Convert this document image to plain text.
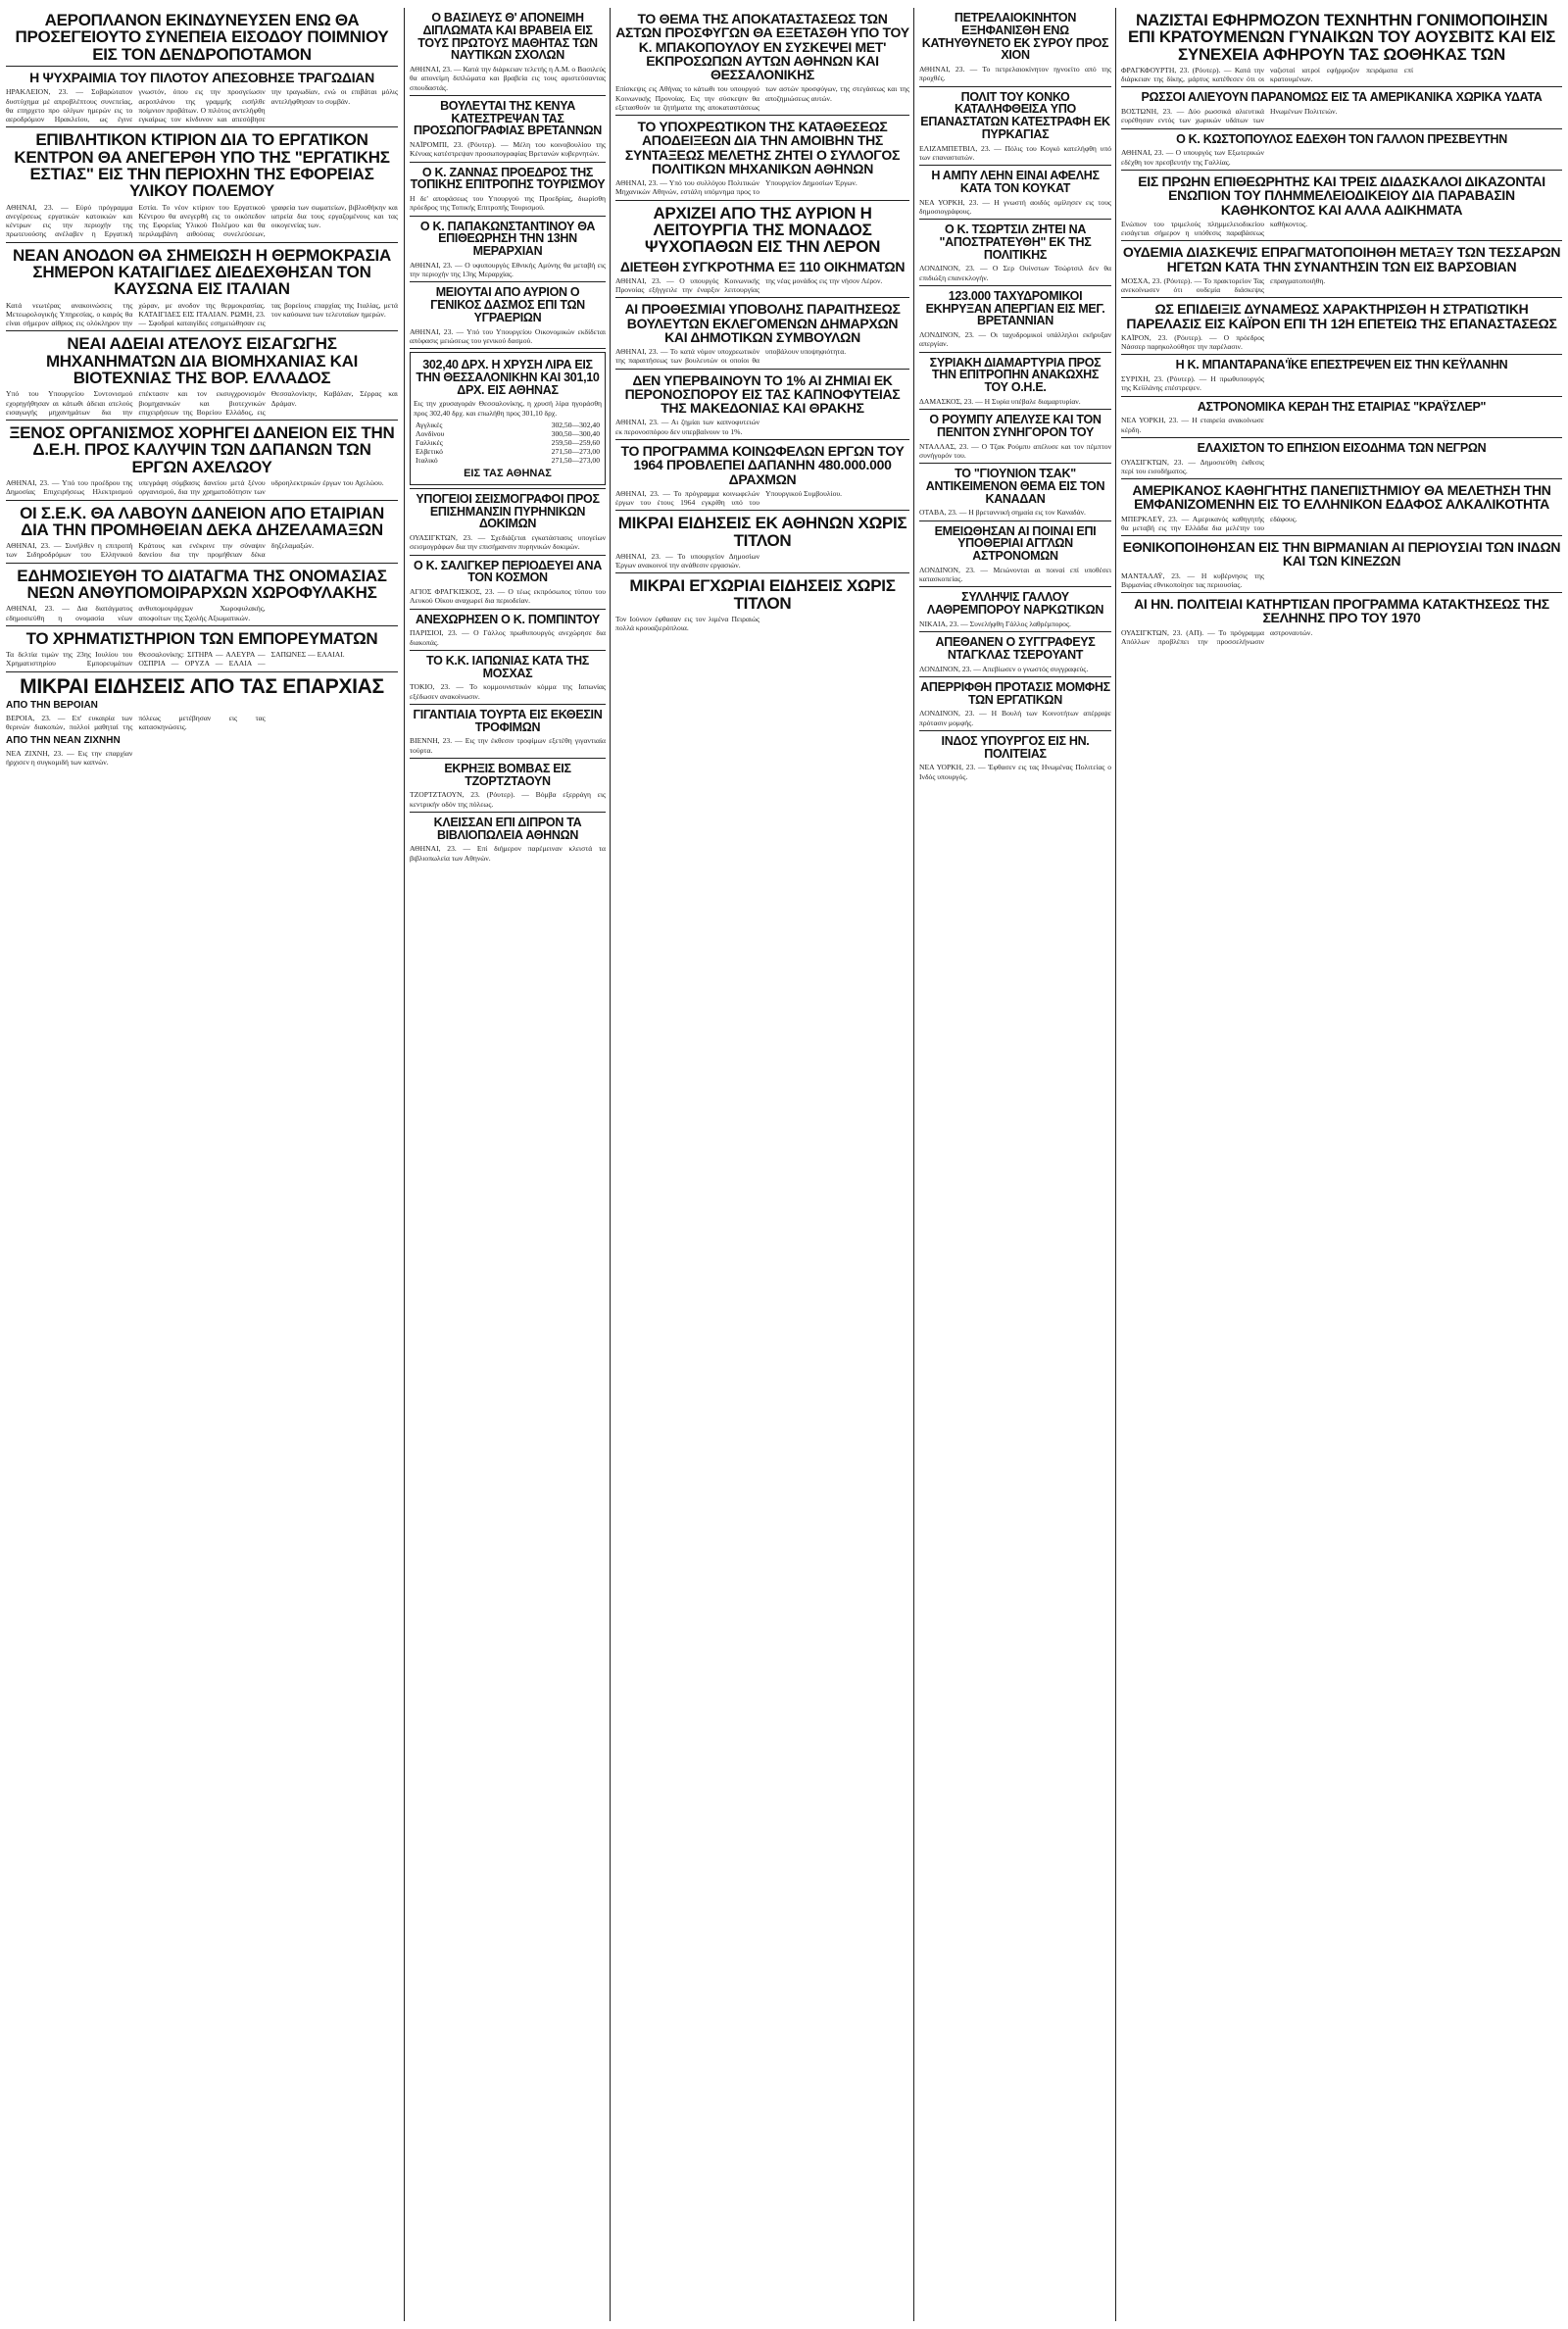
ΑΕΡΟΠΛΑΝΟΝ ΕΚΙΝΔΥΝΕΥΣΕΝ ΕΝΩ ΘΑ ΠΡΟΣΕΓΕΙΟΥΤΟ ΣΥΝΕΠΕΙΑ ΕΙΣΟΔΟΥ ΠΟΙΜΝΙΟΥ ΕΙΣ ΤΟΝ ΔΕΝΔΡΟΠΟΤΑΜΟΝ
Η ΨΥΧΡΑΙΜΙΑ ΤΟΥ ΠΙΛΟΤΟΥ ΑΠΕΣΟΒΗΣΕ ΤΡΑΓΩΔΙΑΝ
ΗΡΑΚΛΕΙΟΝ, 23. — Σοβαρώτατον δυστύχημα μέ απροβλέπτους συνεπείας, θα επηρχετο προ ολίγων ημερών εις το αεροδρόμιον Ηρακλείου, ως έγινε γνωστόν, όπου εις την προσγείωσιν αεροπλάνου της γραμμής εισήλθε ποίμνιον προβάτων. Ο πιλότος αντελήφθη εγκαίρως τον κίνδυνον και απεσόβησε την τραγωδίαν, ενώ οι επιβάται μόλις αντελήφθησαν το συμβάν.
ΕΠΙΒΛΗΤΙΚΟΝ ΚΤΙΡΙΟΝ ΔΙΑ ΤΟ ΕΡΓΑΤΙΚΟΝ ΚΕΝΤΡΟΝ ΘΑ ΑΝΕΓΕΡΘΗ ΥΠΟ ΤΗΣ "ΕΡΓΑΤΙΚΗΣ ΕΣΤΙΑΣ" ΕΙΣ ΤΗΝ ΠΕΡΙΟΧΗΝ ΤΗΣ ΕΦΟΡΕΙΑΣ ΥΛΙΚΟΥ ΠΟΛΕΜΟΥ
ΑΘΗΝΑΙ, 23. — Εύρύ πρόγραμμα ανεγέρσεως εργατικών κατοικιών και κέντρων εις την περιοχήν της πρωτευούσης ανέλαβεν η Εργατική Εστία. Το νέον κτίριον του Εργατικού Κέντρου θα ανεγερθή εις το οικόπεδον της Εφορείας Υλικού Πολέμου και θα περιλαμβάνη αιθούσας συνελεύσεων, γραφεία των σωματείων, βιβλιοθήκην και ιατρεία δια τους εργαζομένους και τας οικογενείας των.
ΝΕΑΝ ΑΝΟΔΟΝ ΘΑ ΣΗΜΕΙΩΣΗ Η ΘΕΡΜΟΚΡΑΣΙΑ ΣΗΜΕΡΟΝ ΚΑΤΑΙΓΙΔΕΣ ΔΙΕΔΕΧΘΗΣΑΝ ΤΟΝ ΚΑΥΣΩΝΑ ΕΙΣ ΙΤΑΛΙΑΝ
Κατά νεωτέρας ανακοινώσεις της Μετεωρολογικής Υπηρεσίας, ο καιρός θα είναι σήμερον αίθριος εις ολόκληρον την χώραν, με ανοδον της θερμοκρασίας. ΚΑΤΑΙΓΙΔΕΣ ΕΙΣ ΙΤΑΛΙΑΝ. ΡΩΜΗ, 23. — Σφοδραί καταιγίδες εσημειώθησαν εις τας βορείους επαρχίας της Ιταλίας, μετά τον καύσωνα των τελευταίων ημερών.
ΝΕΑΙ ΑΔΕΙΑΙ ΑΤΕΛΟΥΣ ΕΙΣΑΓΩΓΗΣ ΜΗΧΑΝΗΜΑΤΩΝ ΔΙΑ ΒΙΟΜΗΧΑΝΙΑΣ ΚΑΙ ΒΙΟΤΕΧΝΙΑΣ ΤΗΣ ΒΟΡ. ΕΛΛΑΔΟΣ
Υπό του Υπουργείου Συντονισμού εχορηγήθησαν αι κάτωθι άδειαι ατελούς εισαγωγής μηχανημάτων δια την επέκτασιν και τον εκσυγχρονισμόν βιομηχανικών και βιοτεχνικών επιχειρήσεων της Βορείου Ελλάδος, εις Θεσσαλονίκην, Καβάλαν, Σέρρας και Δράμαν.
ΞΕΝΟΣ ΟΡΓΑΝΙΣΜΟΣ ΧΟΡΗΓΕΙ ΔΑΝΕΙΟΝ ΕΙΣ ΤΗΝ Δ.Ε.Η. ΠΡΟΣ ΚΑΛΥΨΙΝ ΤΩΝ ΔΑΠΑΝΩΝ ΤΩΝ ΕΡΓΩΝ ΑΧΕΛΩΟΥ
ΑΘΗΝΑΙ, 23. — Υπό του προέδρου της Δημοσίας Επιχειρήσεως Ηλεκτρισμού υπεγράφη σύμβασις δανείου μετά ξένου οργανισμού, δια την χρηματοδότησιν των υδροηλεκτρικών έργων του Αχελώου.
ΟΙ Σ.Ε.Κ. ΘΑ ΛΑΒΟΥΝ ΔΑΝΕΙΟΝ ΑΠΟ ΕΤΑΙΡΙΑΝ ΔΙΑ ΤΗΝ ΠΡΟΜΗΘΕΙΑΝ ΔΕΚΑ ΔΗΖΕΛΑΜΑΞΩΝ
ΑΘΗΝΑΙ, 23. — Συνήλθεν η επιτροπή των Σιδηροδρόμων του Ελληνικού Κράτους και ενέκρινε την σύναψιν δανείου δια την προμήθειαν δέκα δηζελαμαξών.
ΕΔΗΜΟΣΙΕΥΘΗ ΤΟ ΔΙΑΤΑΓΜΑ ΤΗΣ ΟΝΟΜΑΣΙΑΣ ΝΕΩΝ ΑΝΘΥΠΟΜΟΙΡΑΡΧΩΝ ΧΩΡΟΦΥΛΑΚΗΣ
ΑΘΗΝΑΙ, 23. — Δια διατάγματος εδημοσιεύθη η ονομασία νέων ανθυπομοιράρχων Χωροφυλακής, αποφοίτων της Σχολής Αξιωματικών.
ΤΟ ΧΡΗΜΑΤΙΣΤΗΡΙΟΝ ΤΩΝ ΕΜΠΟΡΕΥΜΑΤΩΝ
Τα δελτία τιμών της 23ης Ιουλίου του Χρηματιστηρίου Εμπορευμάτων Θεσσαλονίκης: ΣΙΤΗΡΑ — ΑΛΕΥΡΑ — ΟΣΠΡΙΑ — ΟΡΥΖΑ — ΕΛΑΙΑ — ΣΑΠΩΝΕΣ — ΕΛΑΙΑΙ.
ΜΙΚΡΑΙ ΕΙΔΗΣΕΙΣ ΑΠΟ ΤΑΣ ΕΠΑΡΧΙΑΣ
ΑΠΟ ΤΗΝ ΒΕΡΟΙΑΝ
ΒΕΡΟΙΑ, 23. — Επ' ευκαιρία των θερινών διακοπών, πολλοί μαθηταί της πόλεως μετέβησαν εις τας κατασκηνώσεις.
ΑΠΟ ΤΗΝ ΝΕΑΝ ΖΙΧΝΗΝ
ΝΕΑ ΖΙΧΝΗ, 23. — Εις την επαρχίαν ήρχισεν η συγκομιδή των καπνών.
Ο ΒΑΣΙΛΕΥΣ Θ' ΑΠΟΝΕΙΜΗ ΔΙΠΛΩΜΑΤΑ ΚΑΙ ΒΡΑΒΕΙΑ ΕΙΣ ΤΟΥΣ ΠΡΩΤΟΥΣ ΜΑΘΗΤΑΣ ΤΩΝ ΝΑΥΤΙΚΩΝ ΣΧΟΛΩΝ
ΑΘΗΝΑΙ, 23. — Κατά την διάρκειαν τελετής η Α.Μ. ο Βασιλεύς θα απονείμη διπλώματα και βραβεία εις τους αριστεύσαντας σπουδαστάς.
ΒΟΥΛΕΥΤΑΙ ΤΗΣ ΚΕΝΥΑ ΚΑΤΕΣΤΡΕΨΑΝ ΤΑΣ ΠΡΟΣΩΠΟΓΡΑΦΙΑΣ ΒΡΕΤΑΝΝΩΝ
ΝΑΪΡΟΜΠΙ, 23. (Ρόυτερ). — Μέλη του κοινοβουλίου της Κένυας κατέστρεψαν προσωπογραφίας Βρετανών κυβερνητών.
Ο Κ. ΖΑΝΝΑΣ ΠΡΟΕΔΡΟΣ ΤΗΣ ΤΟΠΙΚΗΣ ΕΠΙΤΡΟΠΗΣ ΤΟΥΡΙΣΜΟΥ
Η δε' αποφάσεως του Υπουργού της Προεδρίας, διωρίσθη πρόεδρος της Τοπικής Επιτροπής Τουρισμού.
Ο Κ. ΠΑΠΑΚΩΝΣΤΑΝΤΙΝΟΥ ΘΑ ΕΠΙΘΕΩΡΗΣΗ ΤΗΝ 13ΗΝ ΜΕΡΑΡΧΙΑΝ
ΑΘΗΝΑΙ, 23. — Ο υφυπουργός Εθνικής Αμύνης θα μεταβή εις την περιοχήν της 13ης Μεραρχίας.
ΜΕΙΟΥΤΑΙ ΑΠΟ ΑΥΡΙΟΝ Ο ΓΕΝΙΚΟΣ ΔΑΣΜΟΣ ΕΠΙ ΤΩΝ ΥΓΡΑΕΡΙΩΝ
ΑΘΗΝΑΙ, 23. — Υπό του Υπουργείου Οικονομικών εκδίδεται απόφασις μειώσεως του γενικού δασμού.
302,40 ΔΡΧ. Η ΧΡΥΣΗ ΛΙΡΑ ΕΙΣ ΤΗΝ ΘΕΣΣΑΛΟΝΙΚΗΝ ΚΑΙ 301,10 ΔΡΧ. ΕΙΣ ΑΘΗΝΑΣ
Εις την χρυσαγοράν Θεσσαλονίκης, η χρυσή λίρα ηγοράσθη προς 302,40 δρχ. και επωλήθη προς 301,10 δρχ.
Αγγλικές	302,50—302,40
Λονδίνου	300,50—300,40
Γαλλικές	259,50—259,60
Ελβετικό	271,50—273,00
Ιταλικό	271,50—273,00
ΕΙΣ ΤΑΣ ΑΘΗΝΑΣ
ΥΠΟΓΕΙΟΙ ΣΕΙΣΜΟΓΡΑΦΟΙ ΠΡΟΣ ΕΠΙΣΗΜΑΝΣΙΝ ΠΥΡΗΝΙΚΩΝ ΔΟΚΙΜΩΝ
ΟΥΑΣΙΓΚΤΩΝ, 23. — Σχεδιάζεται εγκατάστασις υπογείων σεισμογράφων δια την επισήμανσιν πυρηνικών δοκιμών.
Ο Κ. ΣΑΛΙΓΚΕΡ ΠΕΡΙΟΔΕΥΕΙ ΑΝΑ ΤΟΝ ΚΟΣΜΟΝ
ΑΓΙΟΣ ΦΡΑΓΚΙΣΚΟΣ, 23. — Ο τέως εκπρόσωπος τύπου του Λευκού Οίκου αναχωρεί δια περιοδείαν.
ΑΝΕΧΩΡΗΣΕΝ Ο Κ. ΠΟΜΠΙΝΤΟΥ
ΠΑΡΙΣΙΟΙ, 23. — Ο Γάλλος πρωθυπουργός ανεχώρησε δια διακοπάς.
ΤΟ Κ.Κ. ΙΑΠΩΝΙΑΣ ΚΑΤΑ ΤΗΣ ΜΟΣΧΑΣ
ΤΟΚΙΟ, 23. — Το κομμουνιστικόν κόμμα της Ιαπωνίας εξέδωσεν ανακοίνωσιν.
ΓΙΓΑΝΤΙΑΙΑ ΤΟΥΡΤΑ ΕΙΣ ΕΚΘΕΣΙΝ ΤΡΟΦΙΜΩΝ
ΒΙΕΝΝΗ, 23. — Εις την έκθεσιν τροφίμων εξετέθη γιγαντιαία τούρτα.
ΕΚΡΗΞΙΣ ΒΟΜΒΑΣ ΕΙΣ ΤΖΟΡΤΖΤΑΟΥΝ
ΤΖΟΡΤΖΤΑΟΥΝ, 23. (Ρόυτερ). — Βόμβα εξερράγη εις κεντρικήν οδόν της πόλεως.
ΚΛΕΙΣΣΑΝ ΕΠΙ ΔΙΠΡΟΝ ΤΑ ΒΙΒΛΙΟΠΩΛΕΙΑ ΑΘΗΝΩΝ
ΑΘΗΝΑΙ, 23. — Επί διήμερον παρέμειναν κλειστά τα βιβλιοπωλεία των Αθηνών.
ΤΟ ΘΕΜΑ ΤΗΣ ΑΠΟΚΑΤΑΣΤΑΣΕΩΣ ΤΩΝ ΑΣΤΩΝ ΠΡΟΣΦΥΓΩΝ ΘΑ ΕΞΕΤΑΣΘΗ ΥΠΟ ΤΟΥ Κ. ΜΠΑΚΟΠΟΥΛΟΥ ΕΝ ΣΥΣΚΕΨΕΙ ΜΕΤ' ΕΚΠΡΟΣΩΠΩΝ ΑΥΤΩΝ ΑΘΗΝΩΝ ΚΑΙ ΘΕΣΣΑΛΟΝΙΚΗΣ
Επίσκεψις εις Αθήνας το κάτωθι του υπουργού Κοινωνικής Προνοίας. Εις την σύσκεψιν θα εξετασθούν τα ζητήματα της αποκαταστάσεως των αστών προσφύγων, της στεγάσεως και της αποζημιώσεως αυτών.
ΤΟ ΥΠΟΧΡΕΩΤΙΚΟΝ ΤΗΣ ΚΑΤΑΘΕΣΕΩΣ ΑΠΟΔΕΙΞΕΩΝ ΔΙΑ ΤΗΝ ΑΜΟΙΒΗΝ ΤΗΣ ΣΥΝΤΑΞΕΩΣ ΜΕΛΕΤΗΣ ΖΗΤΕΙ Ο ΣΥΛΛΟΓΟΣ ΠΟΛΙΤΙΚΩΝ ΜΗΧΑΝΙΚΩΝ ΑΘΗΝΩΝ
ΑΘΗΝΑΙ, 23. — Υπό του συλλόγου Πολιτικών Μηχανικών Αθηνών, εστάλη υπόμνημα προς το Υπουργείον Δημοσίων Έργων.
ΑΡΧΙΖΕΙ ΑΠΟ ΤΗΣ ΑΥΡΙΟΝ Η ΛΕΙΤΟΥΡΓΙΑ ΤΗΣ ΜΟΝΑΔΟΣ ΨΥΧΟΠΑΘΩΝ ΕΙΣ ΤΗΝ ΛΕΡΟΝ
ΔΙΕΤΕΘΗ ΣΥΓΚΡΟΤΗΜΑ ΕΞ 110 ΟΙΚΗΜΑΤΩΝ
ΑΘΗΝΑΙ, 23. — Ο υπουργός Κοινωνικής Προνοίας εξήγγειλε την έναρξιν λειτουργίας της νέας μονάδος εις την νήσον Λέρον.
ΑΙ ΠΡΟΘΕΣΜΙΑΙ ΥΠΟΒΟΛΗΣ ΠΑΡΑΙΤΗΣΕΩΣ ΒΟΥΛΕΥΤΩΝ ΕΚΛΕΓΟΜΕΝΩΝ ΔΗΜΑΡΧΩΝ ΚΑΙ ΔΗΜΟΤΙΚΩΝ ΣΥΜΒΟΥΛΩΝ
ΑΘΗΝΑΙ, 23. — Το κατά νόμον υποχρεωτικόν της παραιτήσεως των βουλευτών οι οποίοι θα υποβάλουν υποψηφιότητα.
ΔΕΝ ΥΠΕΡΒΑΙΝΟΥΝ ΤΟ 1% ΑΙ ΖΗΜΙΑΙ ΕΚ ΠΕΡΟΝΟΣΠΟΡΟΥ ΕΙΣ ΤΑΣ ΚΑΠΝΟΦΥΤΕΙΑΣ ΤΗΣ ΜΑΚΕΔΟΝΙΑΣ ΚΑΙ ΘΡΑΚΗΣ
ΑΘΗΝΑΙ, 23. — Αι ζημίαι των καπνοφυτειών εκ περονοσπόρου δεν υπερβαίνουν το 1%.
ΤΟ ΠΡΟΓΡΑΜΜΑ ΚΟΙΝΩΦΕΛΩΝ ΕΡΓΩΝ ΤΟΥ 1964 ΠΡΟΒΛΕΠΕΙ ΔΑΠΑΝΗΝ 480.000.000 ΔΡΑΧΜΩΝ
ΑΘΗΝΑΙ, 23. — Το πρόγραμμα κοινωφελών έργων του έτους 1964 εγκρίθη υπό του Υπουργικού Συμβουλίου.
ΜΙΚΡΑΙ ΕΙΔΗΣΕΙΣ ΕΚ ΑΘΗΝΩΝ ΧΩΡΙΣ ΤΙΤΛΟΝ
ΑΘΗΝΑΙ, 23. — Το υπουργείον Δημοσίων Έργων ανακοινοί την ανάθεσιν εργασιών.
ΜΙΚΡΑΙ ΕΓΧΩΡΙΑΙ ΕΙΔΗΣΕΙΣ ΧΩΡΙΣ ΤΙΤΛΟΝ
Τον Ιούνιον έφθασαν εις τον λιμένα Πειραιώς πολλά κρουαζιερόπλοια.
ΠΕΤΡΕΛΑΙΟΚΙΝΗΤΟΝ ΕΞΗΦΑΝΙΣΘΗ ΕΝΩ ΚΑΤΗΥΘΥΝΕΤΟ ΕΚ ΣΥΡΟΥ ΠΡΟΣ ΧΙΟΝ
ΑΘΗΝΑΙ, 23. — Το πετρελαιοκίνητον ηγνοείτο από της προχθές.
ΠΟΛΙΤ ΤΟΥ ΚΟΝΚΟ ΚΑΤΑΛΗΦΘΕΙΣΑ ΥΠΟ ΕΠΑΝΑΣΤΑΤΩΝ ΚΑΤΕΣΤΡΑΦΗ ΕΚ ΠΥΡΚΑΓΙΑΣ
ΕΛΙΖΑΜΠΕΤΒΙΛ, 23. — Πόλις του Κογκό κατελήφθη υπό των επαναστατών.
Η ΑΜΠΥ ΛΕΗΝ ΕΙΝΑΙ ΑΦΕΛΗΣ ΚΑΤΑ ΤΟΝ ΚΟΥΚΑΤ
ΝΕΑ ΥΟΡΚΗ, 23. — Η γνωστή αοιδός ομίλησεν εις τους δημοσιογράφους.
Ο Κ. ΤΣΩΡΤΣΙΛ ΖΗΤΕΙ ΝΑ "ΑΠΟΣΤΡΑΤΕΥΘΗ" ΕΚ ΤΗΣ ΠΟΛΙΤΙΚΗΣ
ΛΟΝΔΙΝΟΝ, 23. — Ο Σερ Ουίνστων Τσώρτσιλ δεν θα επιδιώξη επανεκλογήν.
123.000 ΤΑΧΥΔΡΟΜΙΚΟΙ ΕΚΗΡΥΞΑΝ ΑΠΕΡΓΙΑΝ ΕΙΣ ΜΕΓ. ΒΡΕΤΑΝΝΙΑΝ
ΛΟΝΔΙΝΟΝ, 23. — Οι ταχυδρομικοί υπάλληλοι εκήρυξαν απεργίαν.
ΣΥΡΙΑΚΗ ΔΙΑΜΑΡΤΥΡΙΑ ΠΡΟΣ ΤΗΝ ΕΠΙΤΡΟΠΗΝ ΑΝΑΚΩΧΗΣ ΤΟΥ Ο.Η.Ε.
ΔΑΜΑΣΚΟΣ, 23. — Η Συρία υπέβαλε διαμαρτυρίαν.
Ο ΡΟΥΜΠΥ ΑΠΕΛΥΣΕ ΚΑΙ ΤΟΝ ΠΕΝΙΤΟΝ ΣΥΝΗΓΟΡΟΝ ΤΟΥ
ΝΤΑΛΛΑΣ, 23. — Ο Τζακ Ρούμπυ απέλυσε και τον πέμπτον συνήγορόν του.
ΤΟ "ΓΙΟΥΝΙΟΝ ΤΣΑΚ" ΑΝΤΙΚΕΙΜΕΝΟΝ ΘΕΜΑ ΕΙΣ ΤΟΝ ΚΑΝΑΔΑΝ
ΟΤΑΒΑ, 23. — Η βρεταννική σημαία εις τον Καναδάν.
ΕΜΕΙΩΘΗΣΑΝ ΑΙ ΠΟΙΝΑΙ ΕΠΙ ΥΠΟΘΕΡΙΑΙ ΑΓΓΛΩΝ ΑΣΤΡΟΝΟΜΩΝ
ΛΟΝΔΙΝΟΝ, 23. — Μειώνονται αι ποιναί επί υποθέσει κατασκοπείας.
ΣΥΛΛΗΨΙΣ ΓΑΛΛΟΥ ΛΑΘΡΕΜΠΟΡΟΥ ΝΑΡΚΩΤΙΚΩΝ
ΝΙΚΑΙΑ, 23. — Συνελήφθη Γάλλος λαθρέμπορος.
ΑΠΕΘΑΝΕΝ Ο ΣΥΓΓΡΑΦΕΥΣ ΝΤΑΓΚΛΑΣ ΤΣΕΡΟΥΑΝΤ
ΛΟΝΔΙΝΟΝ, 23. — Απεβίωσεν ο γνωστός συγγραφεύς.
ΑΠΕΡΡΙΦΘΗ ΠΡΟΤΑΣΙΣ ΜΟΜΦΗΣ ΤΩΝ ΕΡΓΑΤΙΚΩΝ
ΛΟΝΔΙΝΟΝ, 23. — Η Βουλή των Κοινοτήτων απέρριψε πρότασιν μομφής.
ΙΝΔΟΣ ΥΠΟΥΡΓΟΣ ΕΙΣ ΗΝ. ΠΟΛΙΤΕΙΑΣ
ΝΕΑ ΥΟΡΚΗ, 23. — Έφθασεν εις τας Ηνωμένας Πολιτείας ο Ινδός υπουργός.
ΝΑΖΙΣΤΑΙ ΕΦΗΡΜΟΖΟΝ ΤΕΧΝΗΤΗΝ ΓΟΝΙΜΟΠΟΙΗΣΙΝ ΕΠΙ ΚΡΑΤΟΥΜΕΝΩΝ ΓΥΝΑΙΚΩΝ ΤΟΥ ΑΟΥΣΒΙΤΣ ΚΑΙ ΕΙΣ ΣΥΝΕΧΕΙΑ ΑΦΗΡΟΥΝ ΤΑΣ ΩΟΘΗΚΑΣ ΤΩΝ
ΦΡΑΓΚΦΟΥΡΤΗ, 23. (Ρόυτερ). — Κατά την διάρκειαν της δίκης, μάρτυς κατέθεσεν ότι οι ναζισταί ιατροί εφήρμοζον πειράματα επί κρατουμένων.
ΡΩΣΣΟΙ ΑΛΙΕΥΟΥΝ ΠΑΡΑΝΟΜΩΣ ΕΙΣ ΤΑ ΑΜΕΡΙΚΑΝΙΚΑ ΧΩΡΙΚΑ ΥΔΑΤΑ
ΒΟΣΤΩΝΗ, 23. — Δύο ρωσσικά αλιευτικά ευρέθησαν εντός των χωρικών υδάτων των Ηνωμένων Πολιτειών.
Ο Κ. ΚΩΣΤΟΠΟΥΛΟΣ ΕΔΕΧΘΗ ΤΟΝ ΓΑΛΛΟΝ ΠΡΕΣΒΕΥΤΗΝ
ΑΘΗΝΑΙ, 23. — Ο υπουργός των Εξωτερικών εδέχθη τον πρεσβευτήν της Γαλλίας.
ΕΙΣ ΠΡΩΗΝ ΕΠΙΘΕΩΡΗΤΗΣ ΚΑΙ ΤΡΕΙΣ ΔΙΔΑΣΚΑΛΟΙ ΔΙΚΑΖΟΝΤΑΙ ΕΝΩΠΙΟΝ ΤΟΥ ΠΛΗΜΜΕΛΕΙΟΔΙΚΕΙΟΥ ΔΙΑ ΠΑΡΑΒΑΣΙΝ ΚΑΘΗΚΟΝΤΟΣ ΚΑΙ ΑΛΛΑ ΑΔΙΚΗΜΑΤΑ
Ενώπιον του τριμελούς πλημμελειοδικείου εισάγεται σήμερον η υπόθεσις παραβάσεως καθήκοντος.
ΟΥΔΕΜΙΑ ΔΙΑΣΚΕΨΙΣ ΕΠΡΑΓΜΑΤΟΠΟΙΗΘΗ ΜΕΤΑΞΥ ΤΩΝ ΤΕΣΣΑΡΩΝ ΗΓΕΤΩΝ ΚΑΤΑ ΤΗΝ ΣΥΝΑΝΤΗΣΙΝ ΤΩΝ ΕΙΣ ΒΑΡΣΟΒΙΑΝ
ΜΟΣΧΑ, 23. (Ρόυτερ). — Το πρακτορείον Τας ανεκοίνωσεν ότι ουδεμία διάσκεψις επραγματοποιήθη.
ΩΣ ΕΠΙΔΕΙΞΙΣ ΔΥΝΑΜΕΩΣ ΧΑΡΑΚΤΗΡΙΣΘΗ Η ΣΤΡΑΤΙΩΤΙΚΗ ΠΑΡΕΛΑΣΙΣ ΕΙΣ ΚΑΪΡΟΝ ΕΠΙ ΤΗ 12Η ΕΠΕΤΕΙΩ ΤΗΣ ΕΠΑΝΑΣΤΑΣΕΩΣ
ΚΑΪΡΟΝ, 23. (Ρόυτερ). — Ο πρόεδρος Νάσσερ παρηκολούθησε την παρέλασιν.
Η Κ. ΜΠΑΝΤΑΡΑΝΑ'ΪΚΕ ΕΠΕΣΤΡΕΨΕΝ ΕΙΣ ΤΗΝ ΚΕΫΛΑΝΗΝ
ΣΥΡΙΧΗ, 23. (Ρόυτερ). — Η πρωθυπουργός της Κεϋλάνης επέστρεψεν.
ΑΣΤΡΟΝΟΜΙΚΑ ΚΕΡΔΗ ΤΗΣ ΕΤΑΙΡΙΑΣ "ΚΡΑΫΣΛΕΡ"
ΝΕΑ ΥΟΡΚΗ, 23. — Η εταιρεία ανακοίνωσε κέρδη.
ΕΛΑΧΙΣΤΟΝ ΤΟ ΕΠΗΣΙΟΝ ΕΙΣΟΔΗΜΑ ΤΩΝ ΝΕΓΡΩΝ
ΟΥΑΣΙΓΚΤΩΝ, 23. — Δημοσιεύθη έκθεσις περί του εισοδήματος.
ΑΜΕΡΙΚΑΝΟΣ ΚΑΘΗΓΗΤΗΣ ΠΑΝΕΠΙΣΤΗΜΙΟΥ ΘΑ ΜΕΛΕΤΗΣΗ ΤΗΝ ΕΜΦΑΝΙΖΟΜΕΝΗΝ ΕΙΣ ΤΟ ΕΛΛΗΝΙΚΟΝ ΕΔΑΦΟΣ ΑΛΚΑΛΙΚΟΤΗΤΑ
ΜΠΕΡΚΛΕΫ, 23. — Αμερικανός καθηγητής θα μεταβή εις την Ελλάδα δια μελέτην του εδάφους.
ΕΘΝΙΚΟΠΟΙΗΘΗΣΑΝ ΕΙΣ ΤΗΝ ΒΙΡΜΑΝΙΑΝ ΑΙ ΠΕΡΙΟΥΣΙΑΙ ΤΩΝ ΙΝΔΩΝ ΚΑΙ ΤΩΝ ΚΙΝΕΖΩΝ
ΜΑΝΤΑΛΑΫ, 23. — Η κυβέρνησις της Βιρμανίας εθνικοποίησε τας περιουσίας.
ΑΙ ΗΝ. ΠΟΛΙΤΕΙΑΙ ΚΑΤΗΡΤΙΣΑΝ ΠΡΟΓΡΑΜΜΑ ΚΑΤΑΚΤΗΣΕΩΣ ΤΗΣ ΣΕΛΗΝΗΣ ΠΡΟ ΤΟΥ 1970
ΟΥΑΣΙΓΚΤΩΝ, 23. (ΑΠ). — Το πρόγραμμα Απόλλων προβλέπει την προσσελήνωσιν αστροναυτών.
